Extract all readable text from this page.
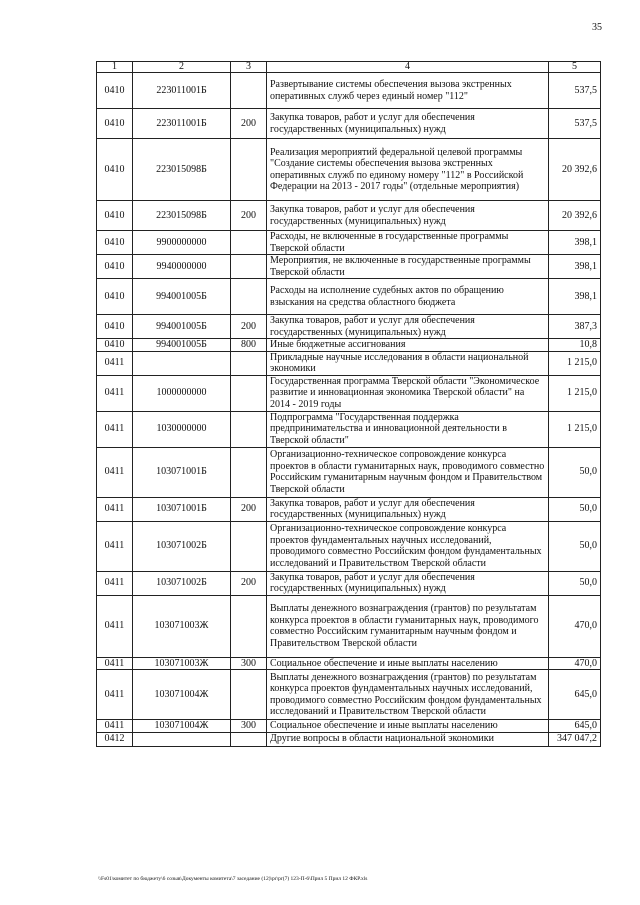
35
1	2	3	4	5
0410	223011001Б		Развертывание системы обеспечения вызова экстренных оперативных служб через единый номер "112"	537,5
0410	223011001Б	200	Закупка товаров, работ и услуг для обеспечения государственных (муниципальных) нужд	537,5
0410	223015098Б		Реализация мероприятий федеральной целевой программы "Создание системы обеспечения вызова экстренных оперативных служб по единому номеру "112" в Российской Федерации на 2013 - 2017 годы" (отдельные мероприятия)	20 392,6
0410	223015098Б	200	Закупка товаров, работ и услуг для обеспечения государственных (муниципальных) нужд	20 392,6
0410	9900000000		Расходы, не включенные в государственные программы Тверской области	398,1
0410	9940000000		Мероприятия, не включенные в государственные программы Тверской области	398,1
0410	994001005Б		Расходы на исполнение судебных актов по обращению взыскания на средства областного бюджета	398,1
0410	994001005Б	200	Закупка товаров, работ и услуг для обеспечения государственных (муниципальных) нужд	387,3
0410	994001005Б	800	Иные бюджетные ассигнования	10,8
0411			Прикладные научные исследования в области национальной экономики	1 215,0
0411	1000000000		Государственная программа Тверской области "Экономическое развитие и инновационная экономика Тверской области" на 2014 - 2019 годы	1 215,0
0411	1030000000		Подпрограмма "Государственная поддержка предпринимательства и инновационной деятельности в Тверской области"	1 215,0
0411	103071001Б		Организационно-техническое сопровождение конкурса проектов в области гуманитарных наук, проводимого совместно Российским гуманитарным научным фондом и Правительством Тверской области	50,0
0411	103071001Б	200	Закупка товаров, работ и услуг для обеспечения государственных (муниципальных) нужд	50,0
0411	103071002Б		Организационно-техническое сопровождение конкурса проектов фундаментальных научных исследований, проводимого совместно Российским фондом фундаментальных исследований и Правительством Тверской области	50,0
0411	103071002Б	200	Закупка товаров, работ и услуг для обеспечения государственных (муниципальных) нужд	50,0
0411	103071003Ж		Выплаты денежного вознаграждения (грантов) по результатам конкурса проектов в области гуманитарных наук, проводимого совместно Российским гуманитарным научным фондом и Правительством Тверской области	470,0
0411	103071003Ж	300	Социальное обеспечение и иные выплаты населению	470,0
0411	103071004Ж		Выплаты денежного вознаграждения (грантов) по результатам конкурса проектов фундаментальных научных исследований, проводимого совместно Российским фондом фундаментальных исследований и Правительством Тверской области	645,0
0411	103071004Ж	300	Социальное обеспечение и иные выплаты населению	645,0
0412			Другие вопросы в области национальной экономики	347 047,2
\\Fs01\комитет по бюджету\6 созыв\Документы комитета\7 заседание (12)\pr\pr(7) 123-П-6\Прил 5 Прил 12 ФКР.xls
